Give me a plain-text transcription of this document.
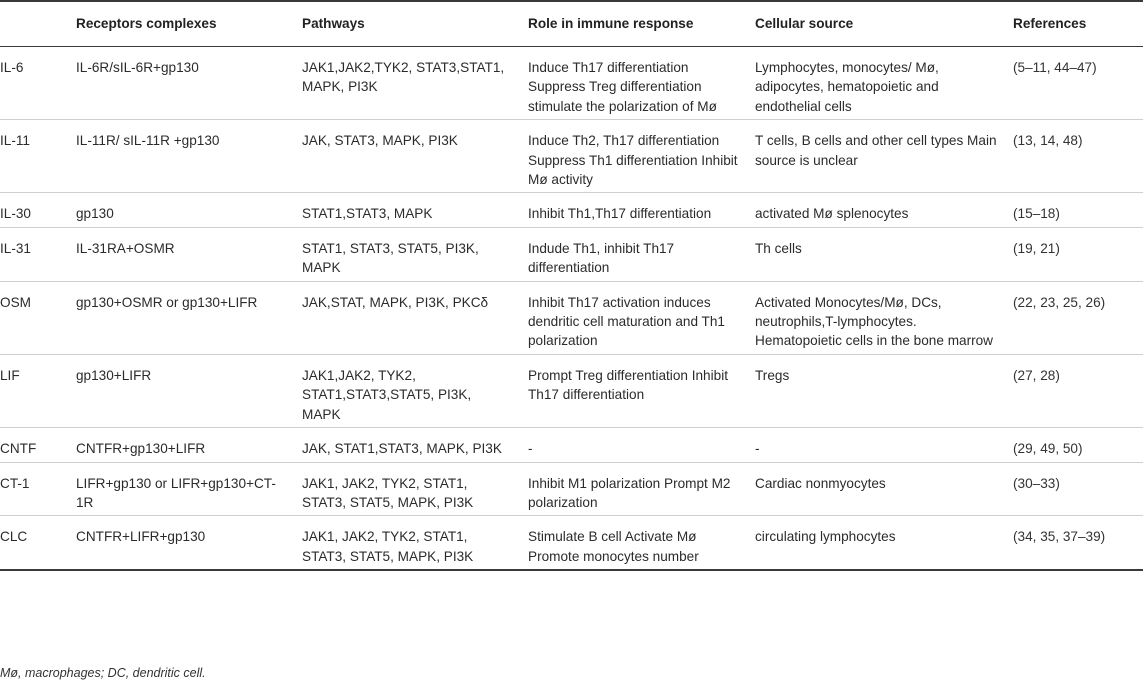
	Receptors complexes	Pathways	Role in immune response	Cellular source	References
IL-6	IL-6R/sIL-6R+gp130	JAK1,JAK2,TYK2, STAT3,STAT1, MAPK, PI3K	Induce Th17 differentiation Suppress Treg differentiation stimulate the polarization of Mø	Lymphocytes, monocytes/ Mø, adipocytes, hematopoietic and endothelial cells	(5–11, 44–47)
IL-11	IL-11R/ sIL-11R +gp130	JAK, STAT3, MAPK, PI3K	Induce Th2, Th17 differentiation Suppress Th1 differentiation Inhibit Mø activity	T cells, B cells and other cell types Main source is unclear	(13, 14, 48)
IL-30	gp130	STAT1,STAT3, MAPK	Inhibit Th1,Th17 differentiation	activated Mø splenocytes	(15–18)
IL-31	IL-31RA+OSMR	STAT1, STAT3, STAT5, PI3K, MAPK	Indude Th1, inhibit Th17 differentiation	Th cells	(19, 21)
OSM	gp130+OSMR or gp130+LIFR	JAK,STAT, MAPK, PI3K, PKCδ	Inhibit Th17 activation induces dendritic cell maturation and Th1 polarization	Activated Monocytes/Mø, DCs, neutrophils,T-lymphocytes. Hematopoietic cells in the bone marrow	(22, 23, 25, 26)
LIF	gp130+LIFR	JAK1,JAK2, TYK2, STAT1,STAT3,STAT5, PI3K, MAPK	Prompt Treg differentiation Inhibit Th17 differentiation	Tregs	(27, 28)
CNTF	CNTFR+gp130+LIFR	JAK, STAT1,STAT3, MAPK, PI3K	-	-	(29, 49, 50)
CT-1	LIFR+gp130 or LIFR+gp130+CT-1R	JAK1, JAK2, TYK2, STAT1, STAT3, STAT5, MAPK, PI3K	Inhibit M1 polarization Prompt M2 polarization	Cardiac nonmyocytes	(30–33)
CLC	CNTFR+LIFR+gp130	JAK1, JAK2, TYK2, STAT1, STAT3, STAT5, MAPK, PI3K	Stimulate B cell Activate Mø Promote monocytes number	circulating lymphocytes	(34, 35, 37–39)
Mø, macrophages; DC, dendritic cell.
